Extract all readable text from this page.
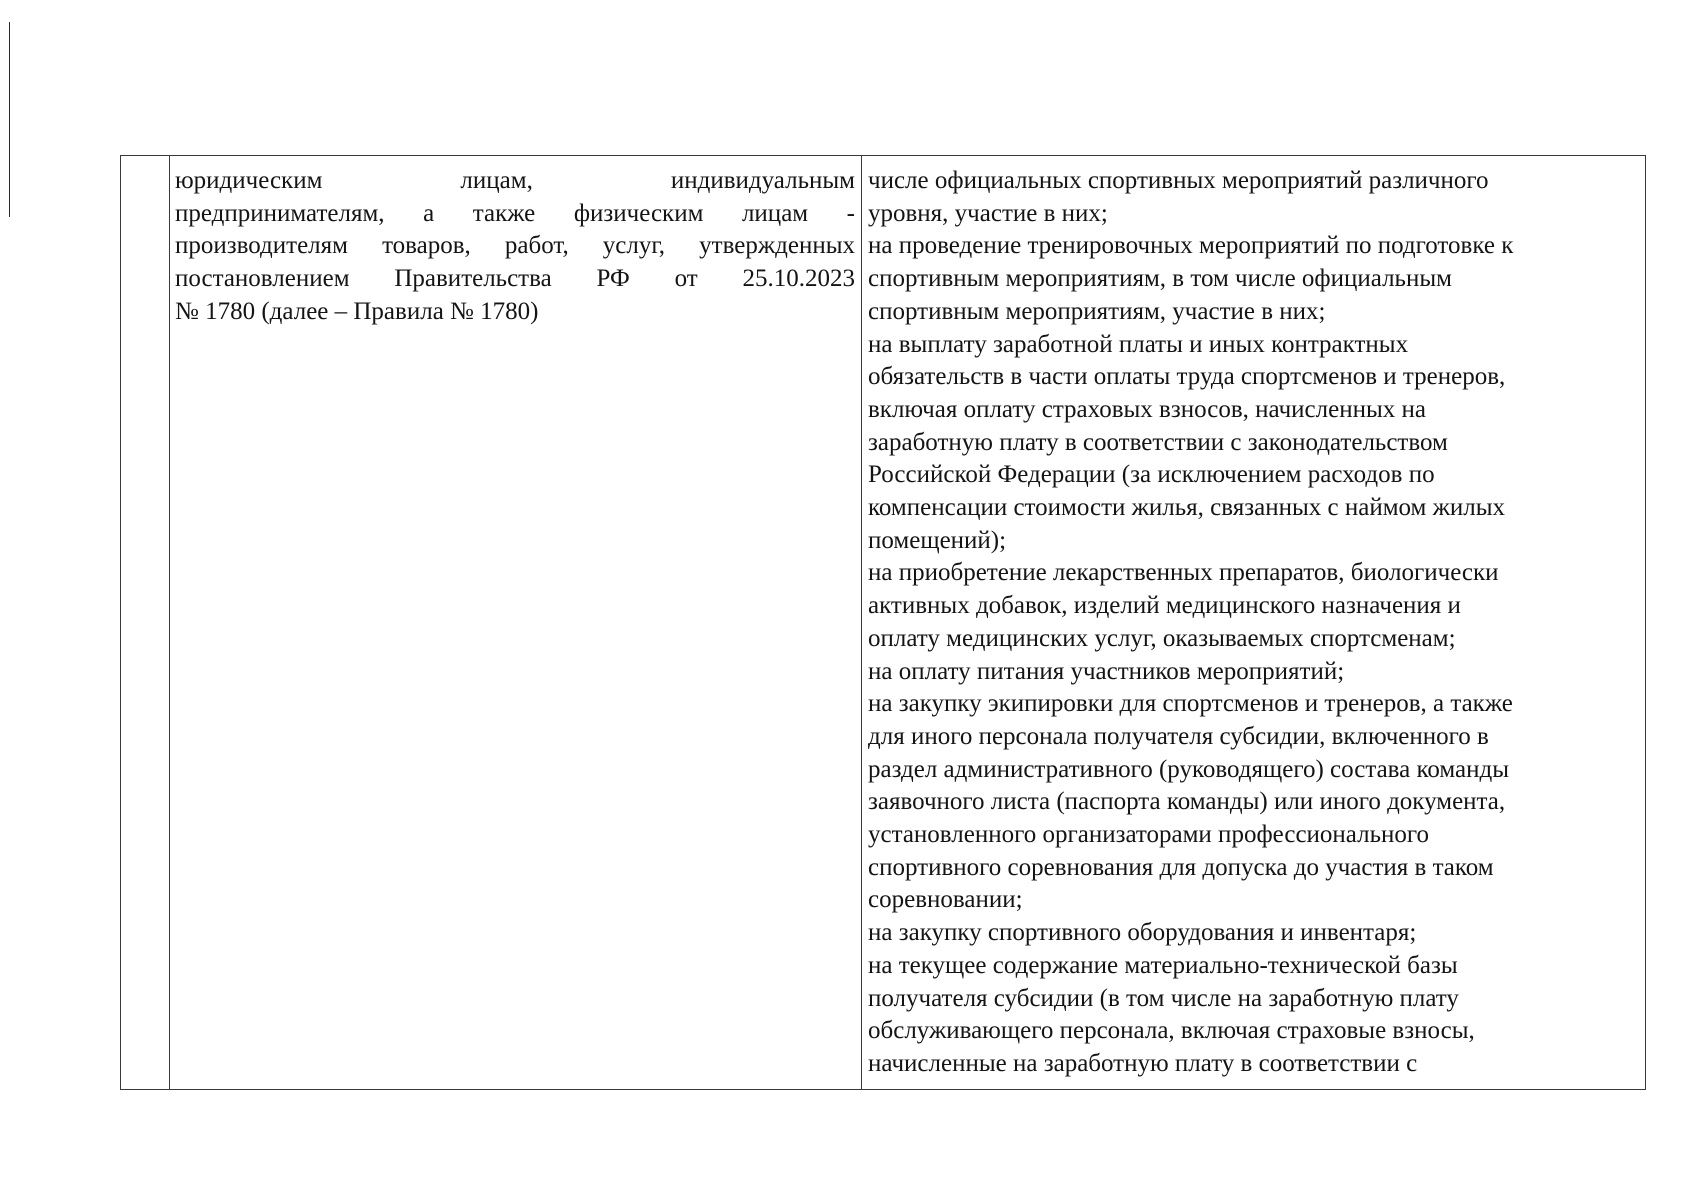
юридическим лицам, индивидуальным
предпринимателям, а также физическим лицам -
производителям товаров, работ, услуг, утвержденных
постановлением Правительства РФ от 25.10.2023
№ 1780 (далее – Правила № 1780)
числе официальных спортивных мероприятий различного
уровня, участие в них;
на проведение тренировочных мероприятий по подготовке к
спортивным мероприятиям, в том числе официальным
спортивным мероприятиям, участие в них;
на выплату заработной платы и иных контрактных
обязательств в части оплаты труда спортсменов и тренеров,
включая оплату страховых взносов, начисленных на
заработную плату в соответствии с законодательством
Российской Федерации (за исключением расходов по
компенсации стоимости жилья, связанных с наймом жилых
помещений);
на приобретение лекарственных препаратов, биологически
активных добавок, изделий медицинского назначения и
оплату медицинских услуг, оказываемых спортсменам;
на оплату питания участников мероприятий;
на закупку экипировки для спортсменов и тренеров, а также
для иного персонала получателя субсидии, включенного в
раздел административного (руководящего) состава команды
заявочного листа (паспорта команды) или иного документа,
установленного организаторами профессионального
спортивного соревнования для допуска до участия в таком
соревновании;
на закупку спортивного оборудования и инвентаря;
на текущее содержание материально-технической базы
получателя субсидии (в том числе на заработную плату
обслуживающего персонала, включая страховые взносы,
начисленные на заработную плату в соответствии с
